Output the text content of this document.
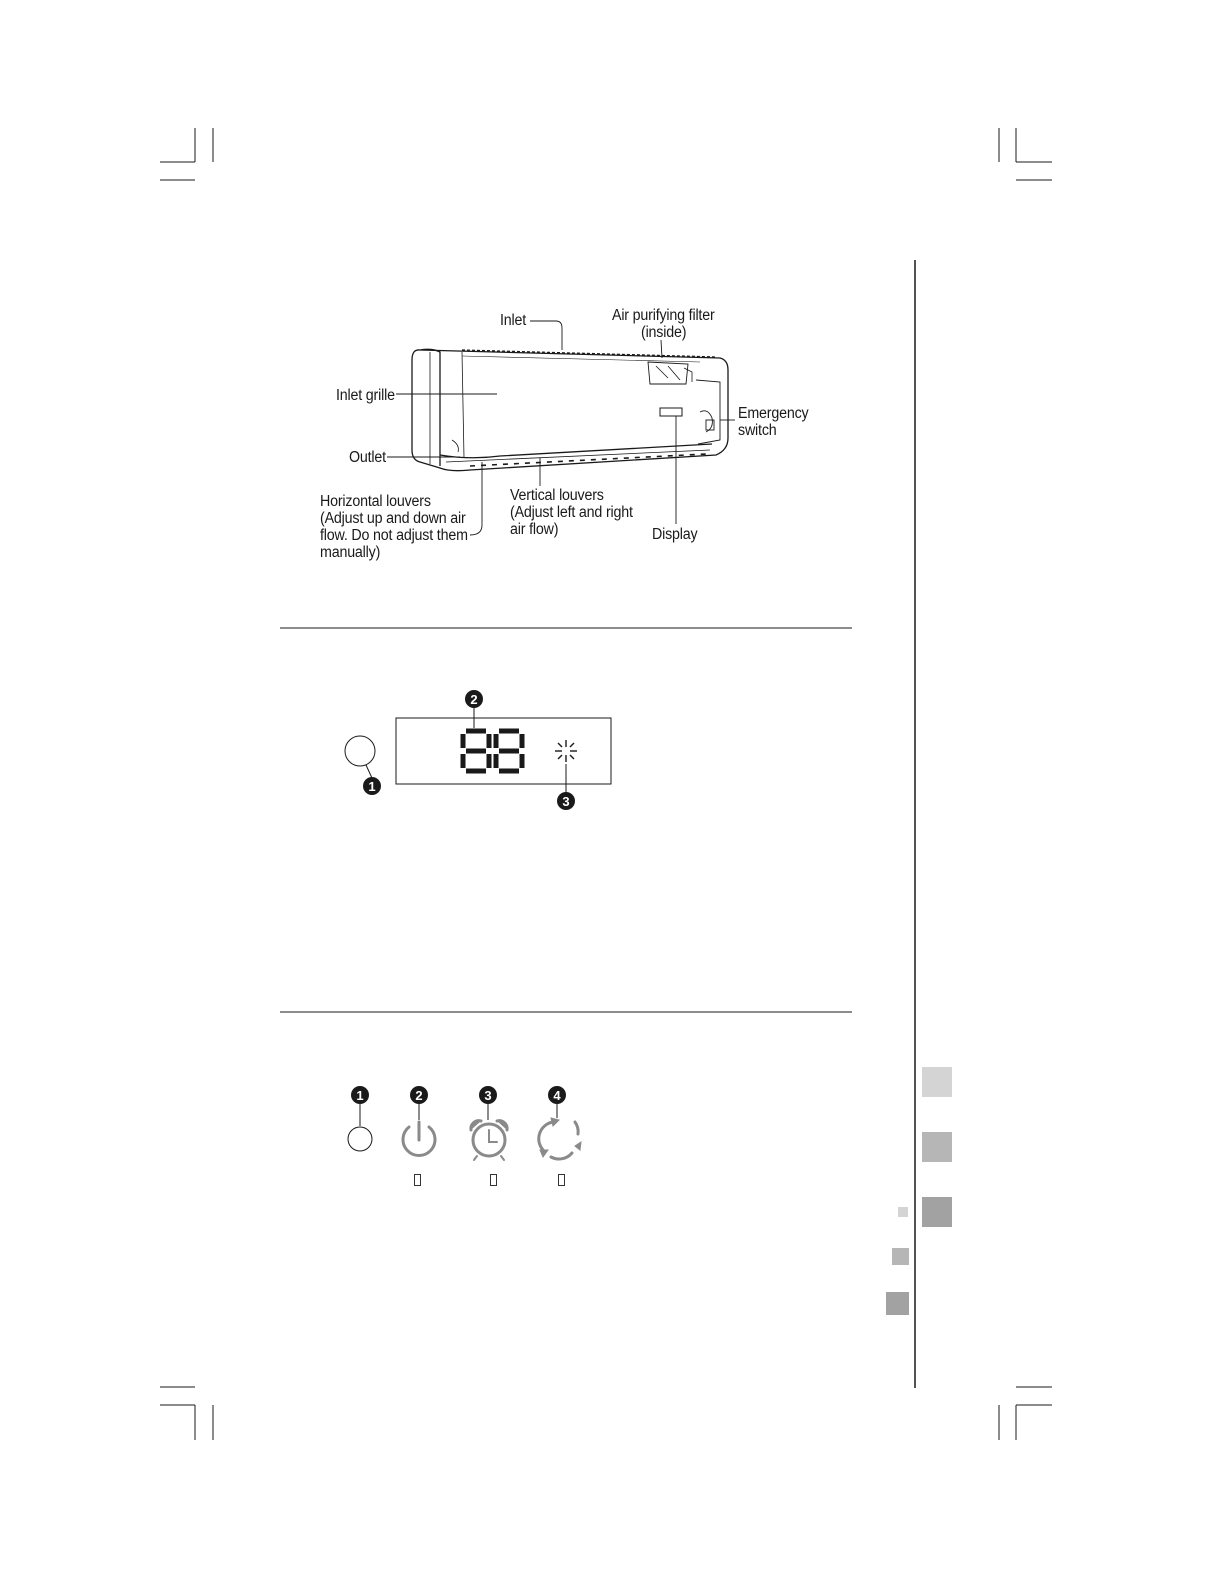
Inlet	Air purifying filter
(inside)
Inlet grille
Emergency
switch
Outlet
Horizontal louvers
(Adjust up and down air
flow. Do not adjust them
manually)
Vertical louvers
(Adjust left and right
air flow)	Display
1
2
3
1	2	3	4
